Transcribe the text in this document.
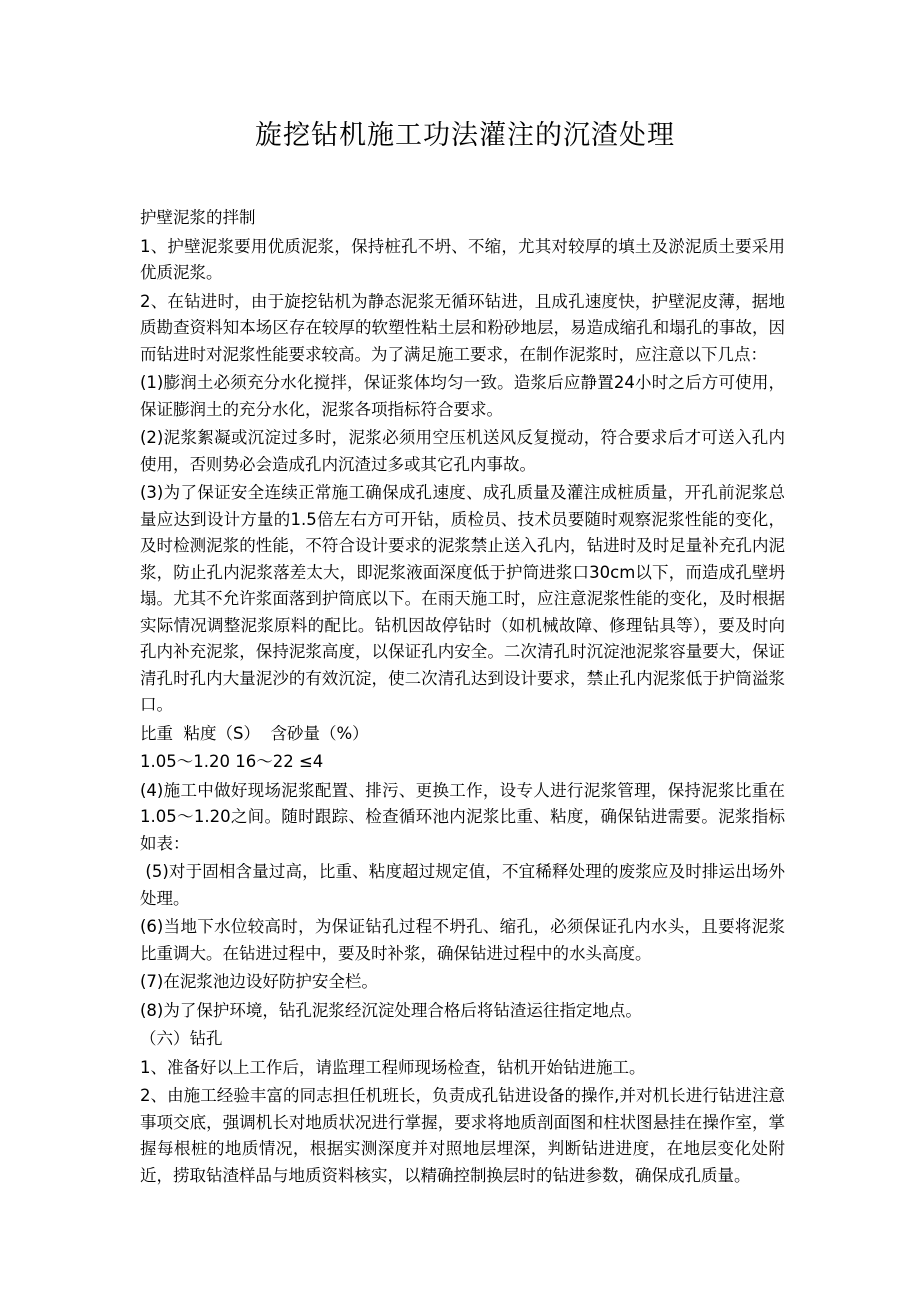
旋挖钻机施工功法灌注的沉渣处理

护壁泥浆的拌制

1、护壁泥浆要用优质泥浆，保持桩孔不坍、不缩，尤其对较厚的填土及淤泥质土要采用优质泥浆。

2、在钻进时，由于旋挖钻机为静态泥浆无循环钻进，且成孔速度快，护壁泥皮薄，据地质勘查资料知本场区存在较厚的软塑性粘土层和粉砂地层，易造成缩孔和塌孔的事故，因而钻进时对泥浆性能要求较高。为了满足施工要求，在制作泥浆时，应注意以下几点：

(1)膨润土必须充分水化搅拌，保证浆体均匀一致。造浆后应静置24小时之后方可使用，保证膨润土的充分水化，泥浆各项指标符合要求。

(2)泥浆絮凝或沉淀过多时，泥浆必须用空压机送风反复搅动，符合要求后才可送入孔内使用，否则势必会造成孔内沉渣过多或其它孔内事故。

(3)为了保证安全连续正常施工确保成孔速度、成孔质量及灌注成桩质量，开孔前泥浆总量应达到设计方量的1.5倍左右方可开钻，质检员、技术员要随时观察泥浆性能的变化，及时检测泥浆的性能，不符合设计要求的泥浆禁止送入孔内，钻进时及时足量补充孔内泥浆，防止孔内泥浆落差太大，即泥浆液面深度低于护筒进浆口30cm以下，而造成孔壁坍塌。尤其不允许浆面落到护筒底以下。在雨天施工时，应注意泥浆性能的变化，及时根据实际情况调整泥浆原料的配比。钻机因故停钻时（如机械故障、修理钻具等），要及时向孔内补充泥浆，保持泥浆高度，以保证孔内安全。二次清孔时沉淀池泥浆容量要大，保证清孔时孔内大量泥沙的有效沉淀，使二次清孔达到设计要求，禁止孔内泥浆低于护筒溢浆口。

比重  粘度（S）  含砂量（%）

1.05～1.20 16～22 ≤4

(4)施工中做好现场泥浆配置、排污、更换工作，设专人进行泥浆管理，保持泥浆比重在1.05～1.20之间。随时跟踪、检查循环池内泥浆比重、粘度，确保钻进需要。泥浆指标如表：

(5)对于固相含量过高，比重、粘度超过规定值，不宜稀释处理的废浆应及时排运出场外处理。

(6)当地下水位较高时，为保证钻孔过程不坍孔、缩孔，必须保证孔内水头，且要将泥浆比重调大。在钻进过程中，要及时补浆，确保钻进过程中的水头高度。

(7)在泥浆池边设好防护安全栏。

(8)为了保护环境，钻孔泥浆经沉淀处理合格后将钻渣运往指定地点。

（六）钻孔

1、准备好以上工作后，请监理工程师现场检查，钻机开始钻进施工。

2、由施工经验丰富的同志担任机班长，负责成孔钻进设备的操作,并对机长进行钻进注意事项交底，强调机长对地质状况进行掌握，要求将地质剖面图和柱状图悬挂在操作室，掌握每根桩的地质情况，根据实测深度并对照地层埋深，判断钻进进度，在地层变化处附近，捞取钻渣样品与地质资料核实，以精确控制换层时的钻进参数，确保成孔质量。
